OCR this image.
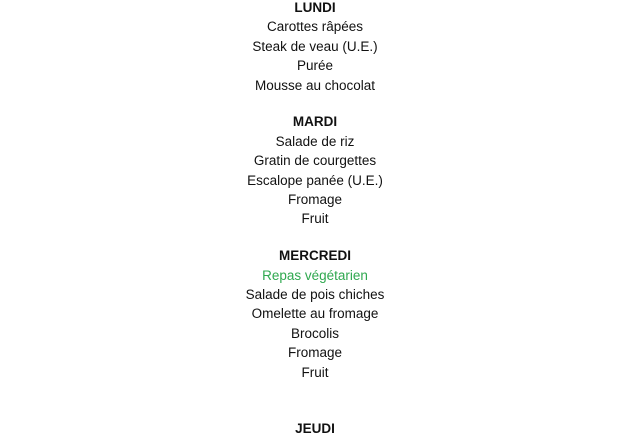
LUNDI
Carottes râpées
Steak de veau (U.E.)
Purée
Mousse au chocolat
MARDI
Salade de riz
Gratin de courgettes
Escalope panée (U.E.)
Fromage
Fruit
MERCREDI
Repas végétarien
Salade de pois chiches
Omelette au fromage
Brocolis
Fromage
Fruit
JEUDI
